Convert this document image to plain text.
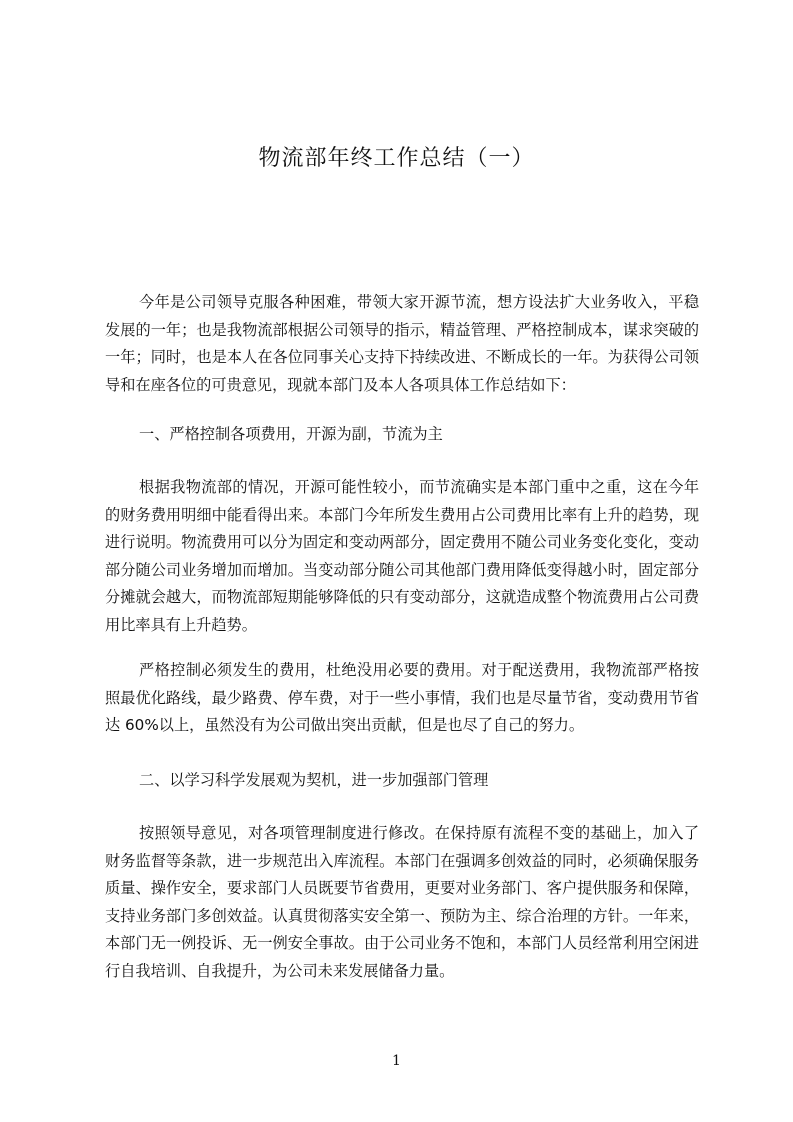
物流部年终工作总结（一）

今年是公司领导克服各种困难，带领大家开源节流，想方设法扩大业务收入，平稳发展的一年；也是我物流部根据公司领导的指示，精益管理、严格控制成本，谋求突破的一年；同时，也是本人在各位同事关心支持下持续改进、不断成长的一年。为获得公司领导和在座各位的可贵意见，现就本部门及本人各项具体工作总结如下：

一、严格控制各项费用，开源为副，节流为主

根据我物流部的情况，开源可能性较小，而节流确实是本部门重中之重，这在今年的财务费用明细中能看得出来。本部门今年所发生费用占公司费用比率有上升的趋势，现进行说明。物流费用可以分为固定和变动两部分，固定费用不随公司业务变化变化，变动部分随公司业务增加而增加。当变动部分随公司其他部门费用降低变得越小时，固定部分分摊就会越大，而物流部短期能够降低的只有变动部分，这就造成整个物流费用占公司费用比率具有上升趋势。

严格控制必须发生的费用，杜绝没用必要的费用。对于配送费用，我物流部严格按照最优化路线，最少路费、停车费，对于一些小事情，我们也是尽量节省，变动费用节省达 60%以上，虽然没有为公司做出突出贡献，但是也尽了自己的努力。

二、以学习科学发展观为契机，进一步加强部门管理

按照领导意见，对各项管理制度进行修改。在保持原有流程不变的基础上，加入了财务监督等条款，进一步规范出入库流程。本部门在强调多创效益的同时，必须确保服务质量、操作安全，要求部门人员既要节省费用，更要对业务部门、客户提供服务和保障，支持业务部门多创效益。认真贯彻落实安全第一、预防为主、综合治理的方针。一年来，本部门无一例投诉、无一例安全事故。由于公司业务不饱和，本部门人员经常利用空闲进行自我培训、自我提升，为公司未来发展储备力量。

1
